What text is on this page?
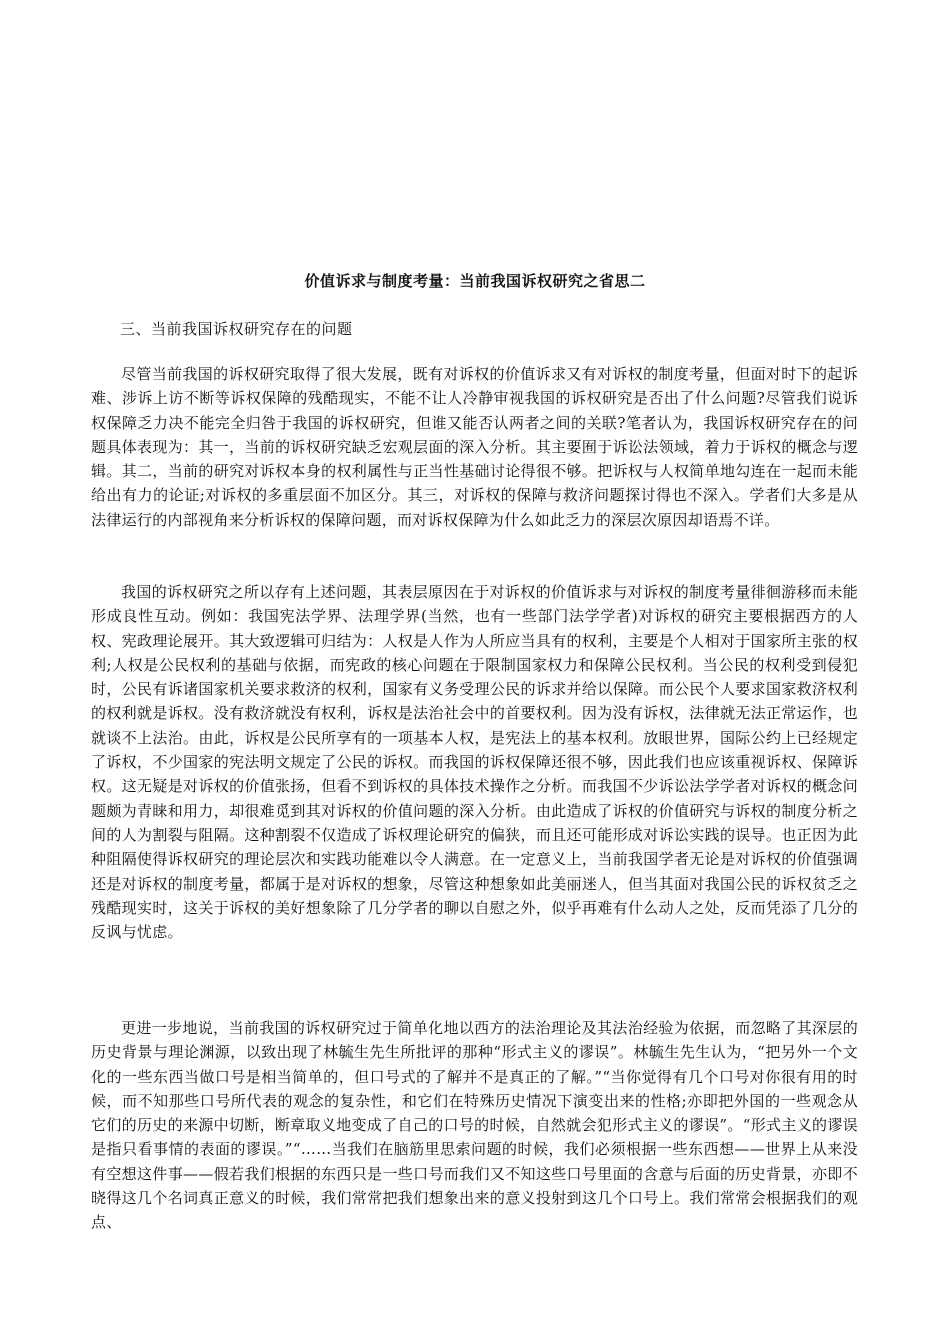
价值诉求与制度考量：当前我国诉权研究之省思二
三、当前我国诉权研究存在的问题

尽管当前我国的诉权研究取得了很大发展，既有对诉权的价值诉求又有对诉权的制度考量，但面对时下的起诉难、涉诉上访不断等诉权保障的残酷现实，不能不让人冷静审视我国的诉权研究是否出了什么问题?尽管我们说诉权保障乏力决不能完全归咎于我国的诉权研究，但谁又能否认两者之间的关联?笔者认为，我国诉权研究存在的问题具体表现为：其一，当前的诉权研究缺乏宏观层面的深入分析。其主要囿于诉讼法领域，着力于诉权的概念与逻辑。其二，当前的研究对诉权本身的权利属性与正当性基础讨论得很不够。把诉权与人权简单地勾连在一起而未能给出有力的论证;对诉权的多重层面不加区分。其三，对诉权的保障与救济问题探讨得也不深入。学者们大多是从法律运行的内部视角来分析诉权的保障问题，而对诉权保障为什么如此乏力的深层次原因却语焉不详。

我国的诉权研究之所以存有上述问题，其表层原因在于对诉权的价值诉求与对诉权的制度考量徘徊游移而未能形成良性互动。例如：我国宪法学界、法理学界(当然，也有一些部门法学学者)对诉权的研究主要根据西方的人权、宪政理论展开。其大致逻辑可归结为：人权是人作为人所应当具有的权利，主要是个人相对于国家所主张的权利;人权是公民权利的基础与依据，而宪政的核心问题在于限制国家权力和保障公民权利。当公民的权利受到侵犯时，公民有诉诸国家机关要求救济的权利，国家有义务受理公民的诉求并给以保障。而公民个人要求国家救济权利的权利就是诉权。没有救济就没有权利，诉权是法治社会中的首要权利。因为没有诉权，法律就无法正常运作，也就谈不上法治。由此，诉权是公民所享有的一项基本人权，是宪法上的基本权利。放眼世界，国际公约上已经规定了诉权，不少国家的宪法明文规定了公民的诉权。而我国的诉权保障还很不够，因此我们也应该重视诉权、保障诉权。这无疑是对诉权的价值张扬，但看不到诉权的具体技术操作之分析。而我国不少诉讼法学学者对诉权的概念问题颇为青睐和用力，却很难觅到其对诉权的价值问题的深入分析。由此造成了诉权的价值研究与诉权的制度分析之间的人为割裂与阻隔。这种割裂不仅造成了诉权理论研究的偏狭，而且还可能形成对诉讼实践的误导。也正因为此种阻隔使得诉权研究的理论层次和实践功能难以令人满意。在一定意义上，当前我国学者无论是对诉权的价值强调还是对诉权的制度考量，都属于是对诉权的想象，尽管这种想象如此美丽迷人，但当其面对我国公民的诉权贫乏之残酷现实时，这关于诉权的美好想象除了几分学者的聊以自慰之外，似乎再难有什么动人之处，反而凭添了几分的反讽与忧虑。

更进一步地说，当前我国的诉权研究过于简单化地以西方的法治理论及其法治经验为依据，而忽略了其深层的历史背景与理论渊源，以致出现了林毓生先生所批评的那种“形式主义的谬误”。林毓生先生认为，“把另外一个文化的一些东西当做口号是相当简单的，但口号式的了解并不是真正的了解。”“当你觉得有几个口号对你很有用的时候，而不知那些口号所代表的观念的复杂性，和它们在特殊历史情况下演变出来的性格;亦即把外国的一些观念从它们的历史的来源中切断，断章取义地变成了自己的口号的时候，自然就会犯形式主义的谬误”。“形式主义的谬误是指只看事情的表面的谬误。”“……当我们在脑筋里思索问题的时候，我们必须根据一些东西想——世界上从来没有空想这件事——假若我们根据的东西只是一些口号而我们又不知这些口号里面的含意与后面的历史背景，亦即不晓得这几个名词真正意义的时候，我们常常把我们想象出来的意义投射到这几个口号上。我们常常会根据我们的观点、
